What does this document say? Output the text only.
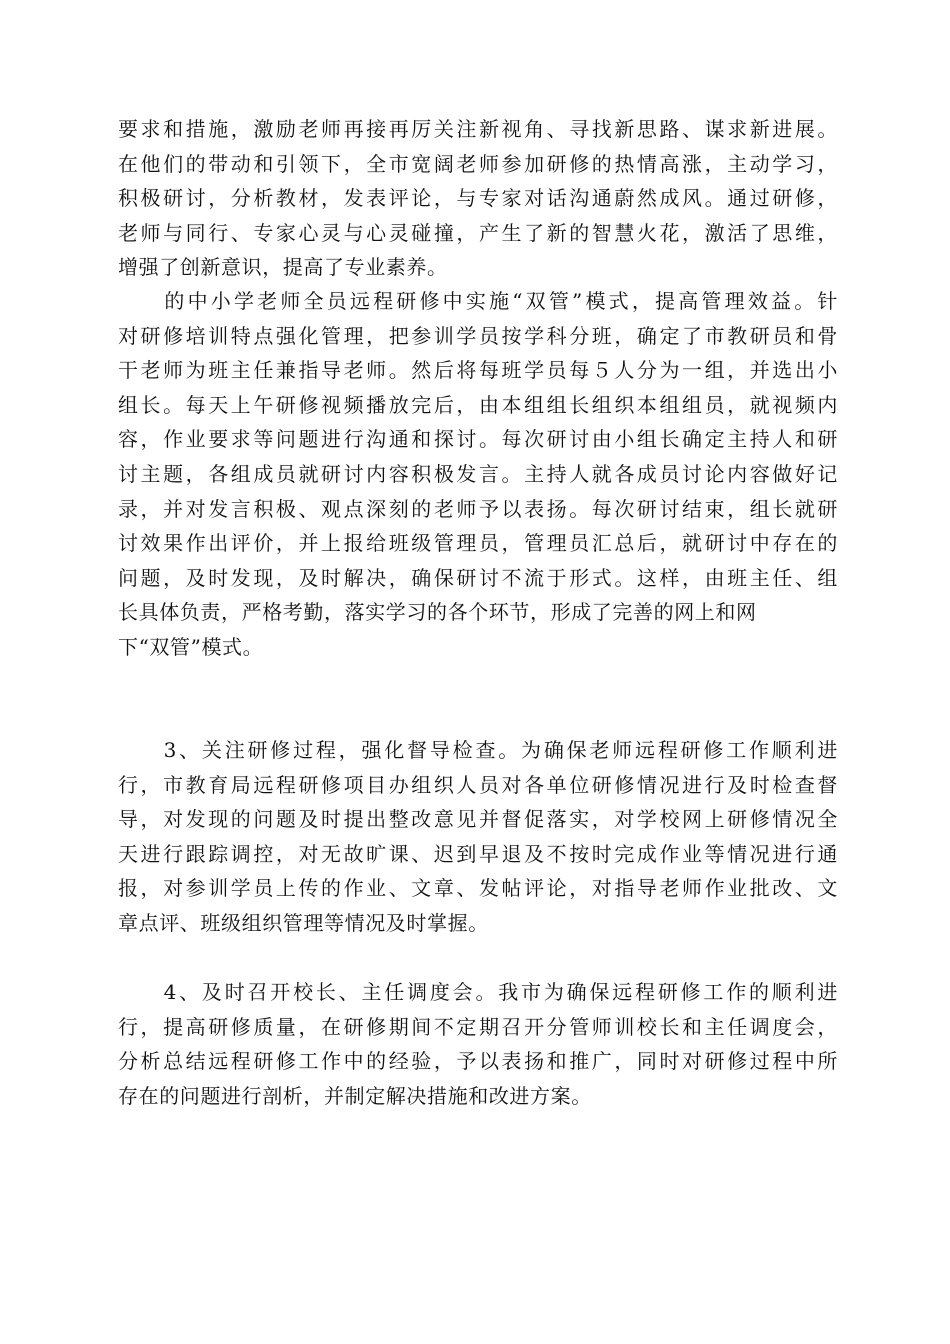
要求和措施，激励老师再接再厉关注新视角、寻找新思路、谋求新进展。
在他们的带动和引领下，全市宽阔老师参加研修的热情高涨，主动学习，
积极研讨，分析教材，发表评论，与专家对话沟通蔚然成风。通过研修，
老师与同行、专家心灵与心灵碰撞，产生了新的智慧火花，激活了思维，
增强了创新意识，提高了专业素养。
　　的中小学老师全员远程研修中实施“双管”模式，提高管理效益。针
对研修培训特点强化管理，把参训学员按学科分班，确定了市教研员和骨
干老师为班主任兼指导老师。然后将每班学员每５人分为一组，并选出小
组长。每天上午研修视频播放完后，由本组组长组织本组组员，就视频内
容，作业要求等问题进行沟通和探讨。每次研讨由小组长确定主持人和研
讨主题，各组成员就研讨内容积极发言。主持人就各成员讨论内容做好记
录，并对发言积极、观点深刻的老师予以表扬。每次研讨结束，组长就研
讨效果作出评价，并上报给班级管理员，管理员汇总后，就研讨中存在的
问题，及时发现，及时解决，确保研讨不流于形式。这样，由班主任、组
长具体负责，严格考勤，落实学习的各个环节，形成了完善的网上和网
下“双管”模式。
　　3、关注研修过程，强化督导检查。为确保老师远程研修工作顺利进
行，市教育局远程研修项目办组织人员对各单位研修情况进行及时检查督
导，对发现的问题及时提出整改意见并督促落实，对学校网上研修情况全
天进行跟踪调控，对无故旷课、迟到早退及不按时完成作业等情况进行通
报，对参训学员上传的作业、文章、发帖评论，对指导老师作业批改、文
章点评、班级组织管理等情况及时掌握。
　　4、及时召开校长、主任调度会。我市为确保远程研修工作的顺利进
行，提高研修质量，在研修期间不定期召开分管师训校长和主任调度会，
分析总结远程研修工作中的经验，予以表扬和推广，同时对研修过程中所
存在的问题进行剖析，并制定解决措施和改进方案。
